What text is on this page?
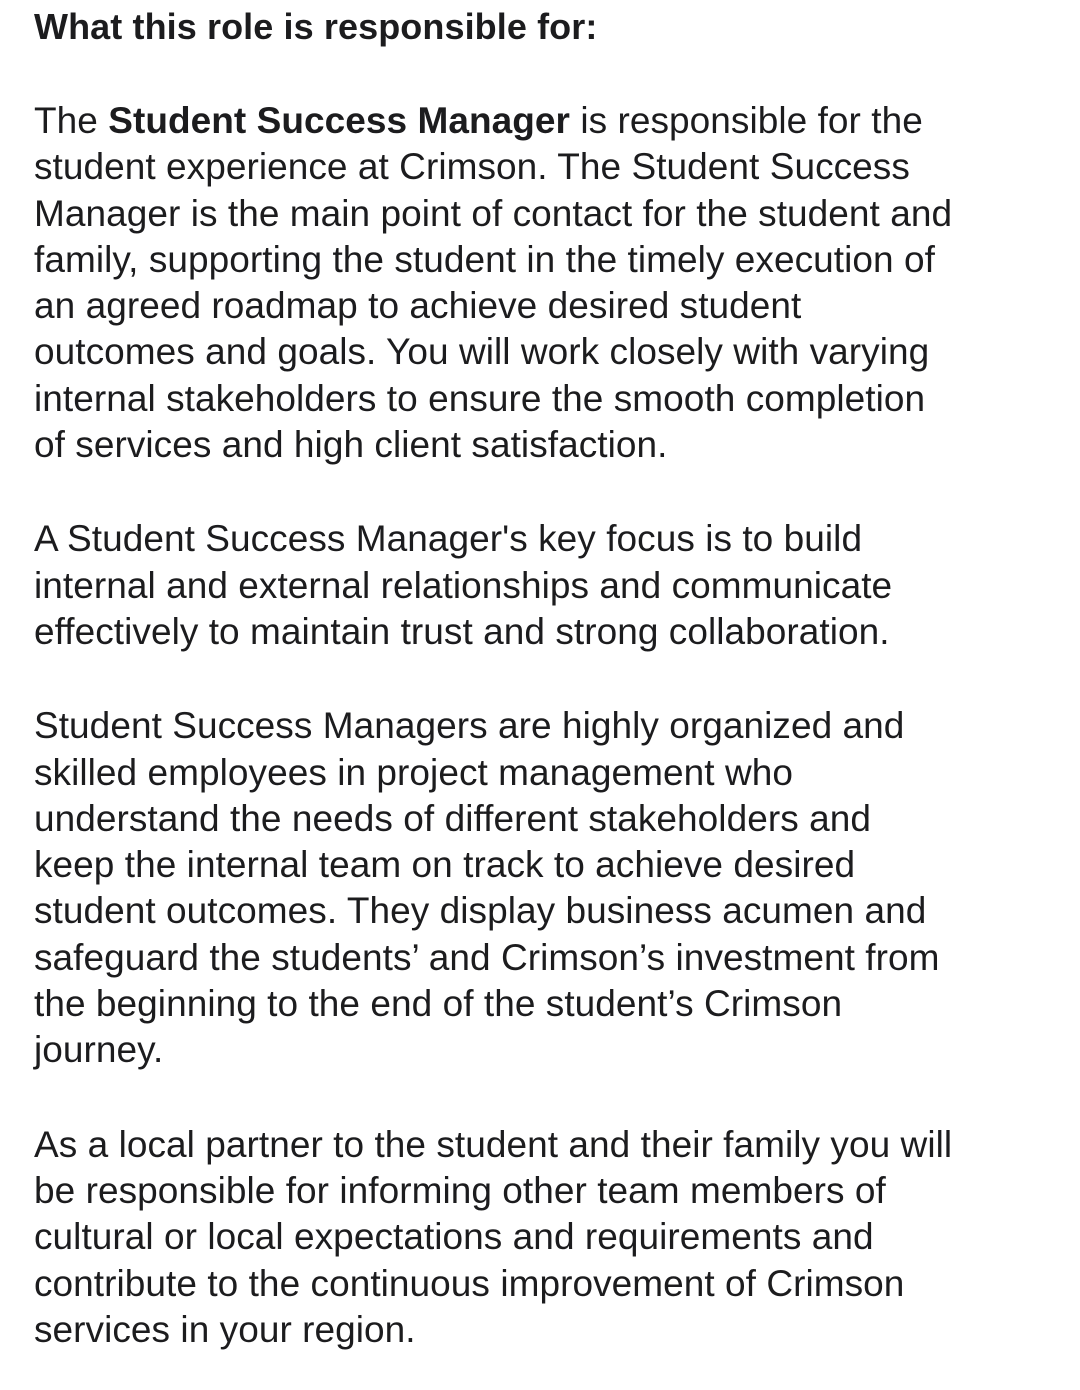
What this role is responsible for:

The Student Success Manager is responsible for the
student experience at Crimson. The Student Success
Manager is the main point of contact for the student and
family, supporting the student in the timely execution of
an agreed roadmap to achieve desired student
outcomes and goals. You will work closely with varying
internal stakeholders to ensure the smooth completion
of services and high client satisfaction.

A Student Success Manager's key focus is to build
internal and external relationships and communicate
effectively to maintain trust and strong collaboration.

Student Success Managers are highly organized and
skilled employees in project management who
understand the needs of different stakeholders and
keep the internal team on track to achieve desired
student outcomes. They display business acumen and
safeguard the students’ and Crimson’s investment from
the beginning to the end of the student’s Crimson
journey.

As a local partner to the student and their family you will
be responsible for informing other team members of
cultural or local expectations and requirements and
contribute to the continuous improvement of Crimson
services in your region.
